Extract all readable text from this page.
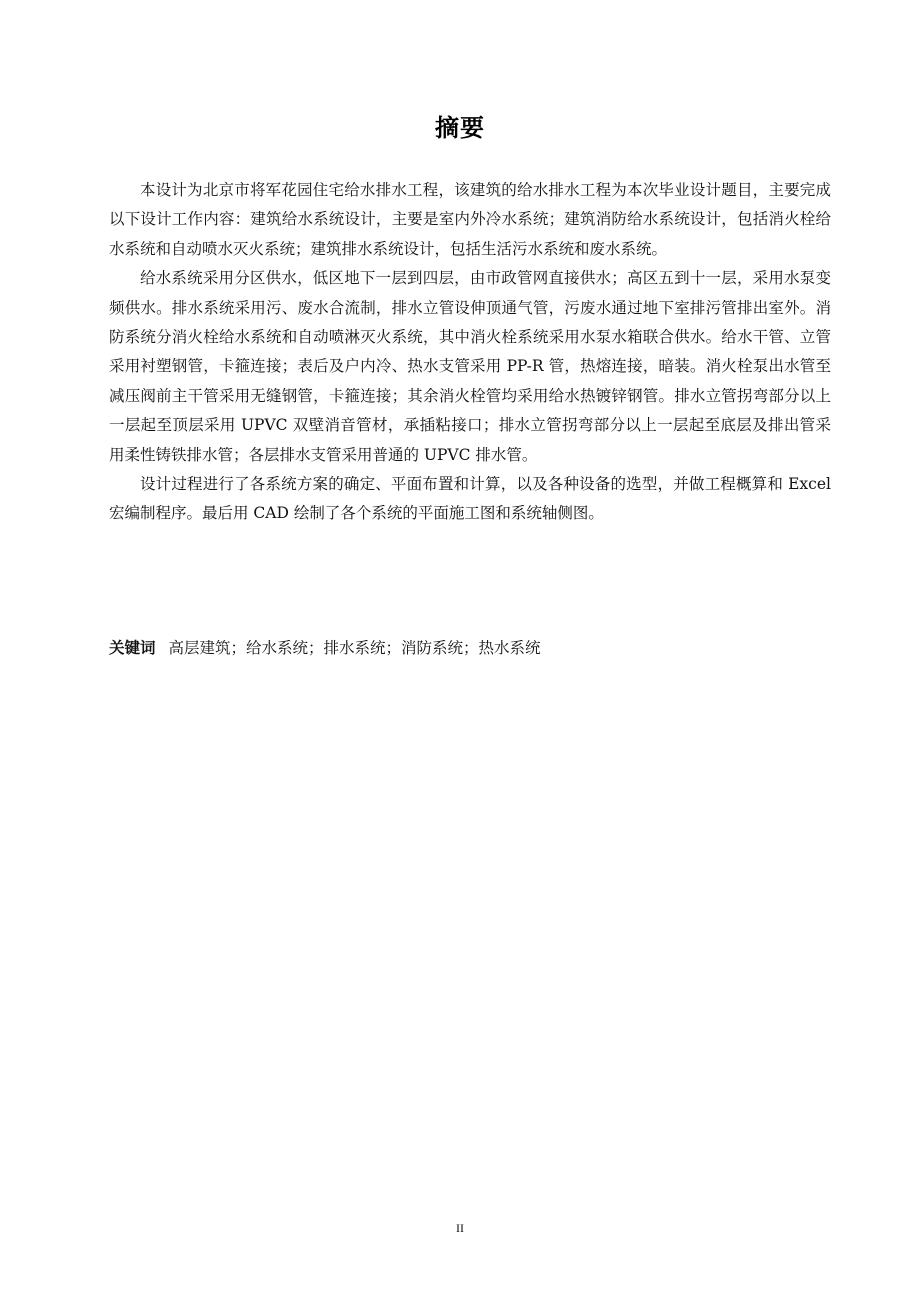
摘要

本设计为北京市将军花园住宅给水排水工程，该建筑的给水排水工程为本次毕业设计题目，主要完成以下设计工作内容：建筑给水系统设计，主要是室内外冷水系统；建筑消防给水系统设计，包括消火栓给水系统和自动喷水灭火系统；建筑排水系统设计，包括生活污水系统和废水系统。

给水系统采用分区供水，低区地下一层到四层，由市政管网直接供水；高区五到十一层，采用水泵变频供水。排水系统采用污、废水合流制，排水立管设伸顶通气管，污废水通过地下室排污管排出室外。消防系统分消火栓给水系统和自动喷淋灭火系统，其中消火栓系统采用水泵水箱联合供水。给水干管、立管采用衬塑钢管，卡箍连接；表后及户内冷、热水支管采用 PP-R 管，热熔连接，暗装。消火栓泵出水管至减压阀前主干管采用无缝钢管，卡箍连接；其余消火栓管均采用给水热镀锌钢管。排水立管拐弯部分以上一层起至顶层采用 UPVC 双壁消音管材，承插粘接口；排水立管拐弯部分以上一层起至底层及排出管采用柔性铸铁排水管；各层排水支管采用普通的 UPVC 排水管。

设计过程进行了各系统方案的确定、平面布置和计算，以及各种设备的选型，并做工程概算和 Excel 宏编制程序。最后用 CAD 绘制了各个系统的平面施工图和系统轴侧图。

关键词 高层建筑；给水系统；排水系统；消防系统；热水系统
II
